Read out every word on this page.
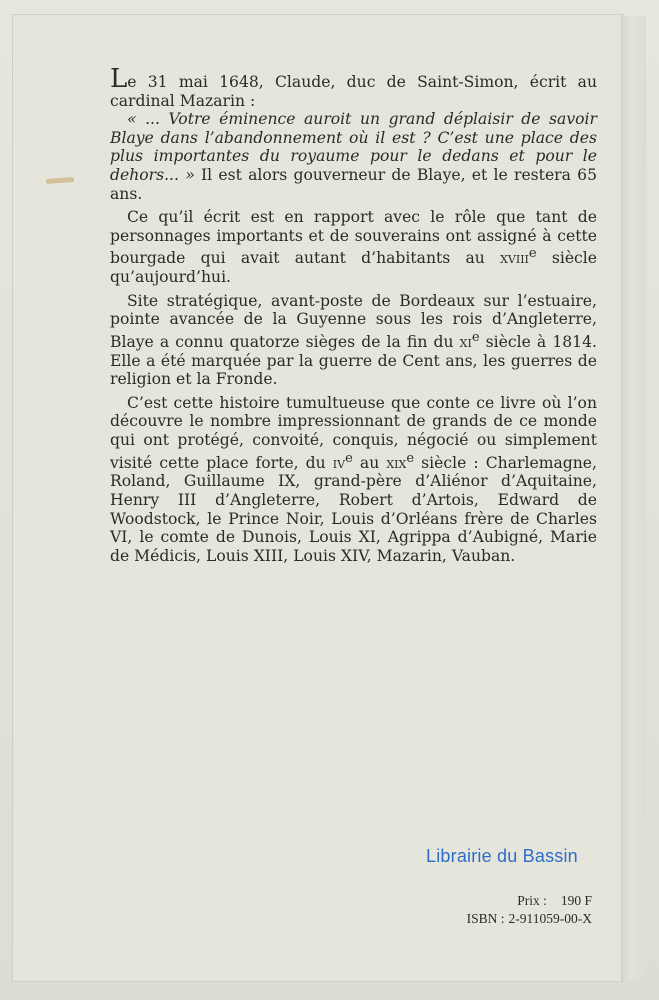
Le 31 mai 1648, Claude, duc de Saint-Simon, écrit au cardinal Mazarin :

« ... Votre éminence auroit un grand déplaisir de savoir Blaye dans l’abandonnement où il est ? C’est une place des plus importantes du royaume pour le dedans et pour le dehors... » Il est alors gouverneur de Blaye, et le restera 65 ans.

Ce qu’il écrit est en rapport avec le rôle que tant de personnages importants et de souverains ont assigné à cette bourgade qui avait autant d’habitants au xviii$^e$ siècle qu’aujourd’hui.

Site stratégique, avant-poste de Bordeaux sur l’estuaire, pointe avancée de la Guyenne sous les rois d’Angleterre, Blaye a connu quatorze sièges de la fin du $xi^e$ siècle à 1814. Elle a été marquée par la guerre de Cent ans, les guerres de religion et la Fronde.

C’est cette histoire tumultueuse que conte ce livre où l’on découvre le nombre impressionnant de grands de ce monde qui ont protégé, convoité, conquis, négocié ou simplement visité cette place forte, du $iv^e$ au xix$^e$ siècle : Charlemagne, Roland, Guillaume IX, grand-père d’Aliénor d’Aquitaine, Henry III d’Angleterre, Robert d’Artois, Edward de Woodstock, le Prince Noir, Louis d’Orléans frère de Charles VI, le comte de Dunois, Louis XI, Agrippa d’Aubigné, Marie de Médicis, Louis XIII, Louis XIV, Mazarin, Vauban.

Librairie du Bassin
Prix : 190 F
ISBN : 2-911059-00-X
